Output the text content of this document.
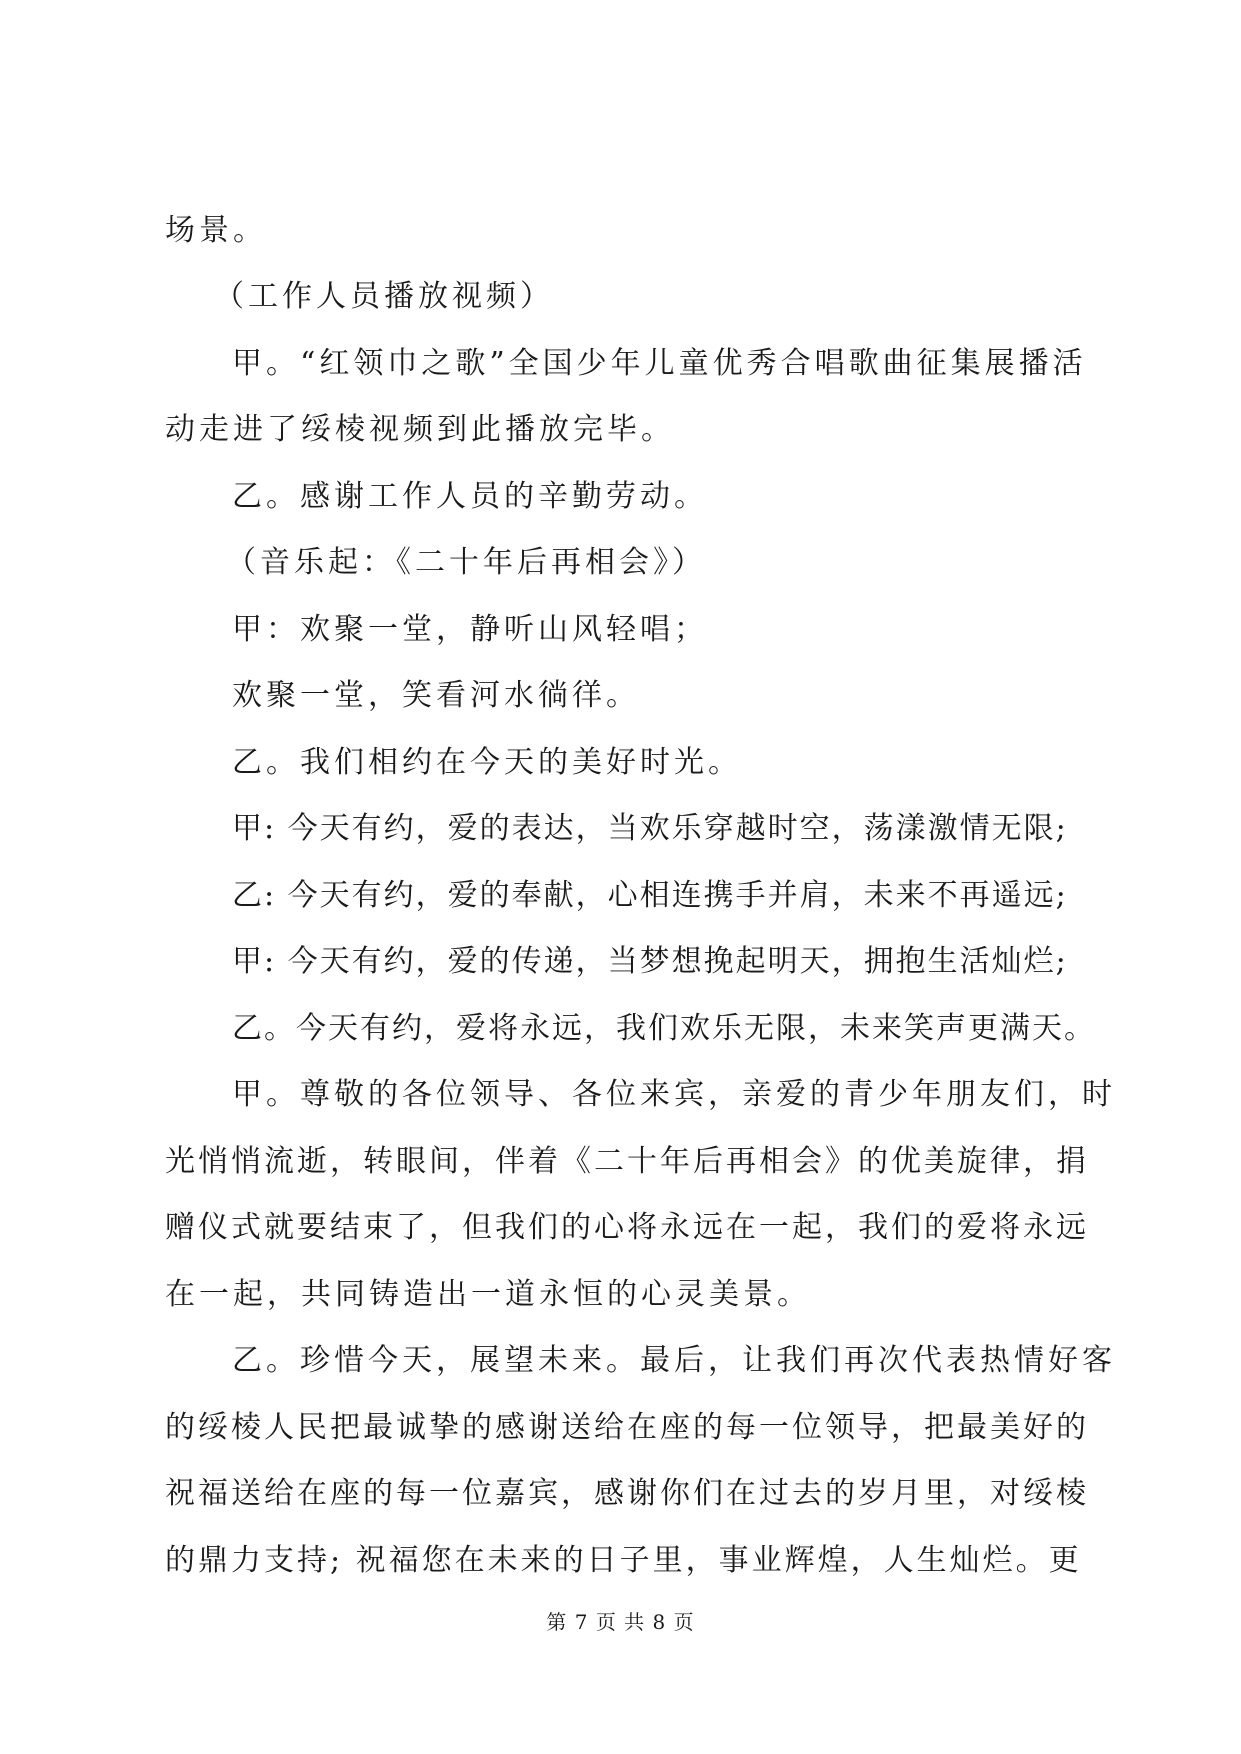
场景。
（工作人员播放视频）
甲。“红领巾之歌”全国少年儿童优秀合唱歌曲征集展播活
动走进了绥棱视频到此播放完毕。
乙。感谢工作人员的辛勤劳动。
（音乐起：《二十年后再相会》）
甲：欢聚一堂，静听山风轻唱；
欢聚一堂，笑看河水徜徉。
乙。我们相约在今天的美好时光。
甲: 今天有约，爱的表达，当欢乐穿越时空，荡漾激情无限;
乙: 今天有约，爱的奉献，心相连携手并肩，未来不再遥远;
甲: 今天有约，爱的传递，当梦想挽起明天，拥抱生活灿烂;
乙。今天有约，爱将永远，我们欢乐无限，未来笑声更满天。
甲。尊敬的各位领导、各位来宾，亲爱的青少年朋友们，时
光悄悄流逝，转眼间，伴着《二十年后再相会》的优美旋律，捐
赠仪式就要结束了，但我们的心将永远在一起，我们的爱将永远
在一起，共同铸造出一道永恒的心灵美景。
乙。珍惜今天，展望未来。最后，让我们再次代表热情好客
的绥棱人民把最诚挚的感谢送给在座的每一位领导，把最美好的
祝福送给在座的每一位嘉宾，感谢你们在过去的岁月里，对绥棱
的鼎力支持; 祝福您在未来的日子里，事业辉煌，人生灿烂。更
第 7 页 共 8 页
